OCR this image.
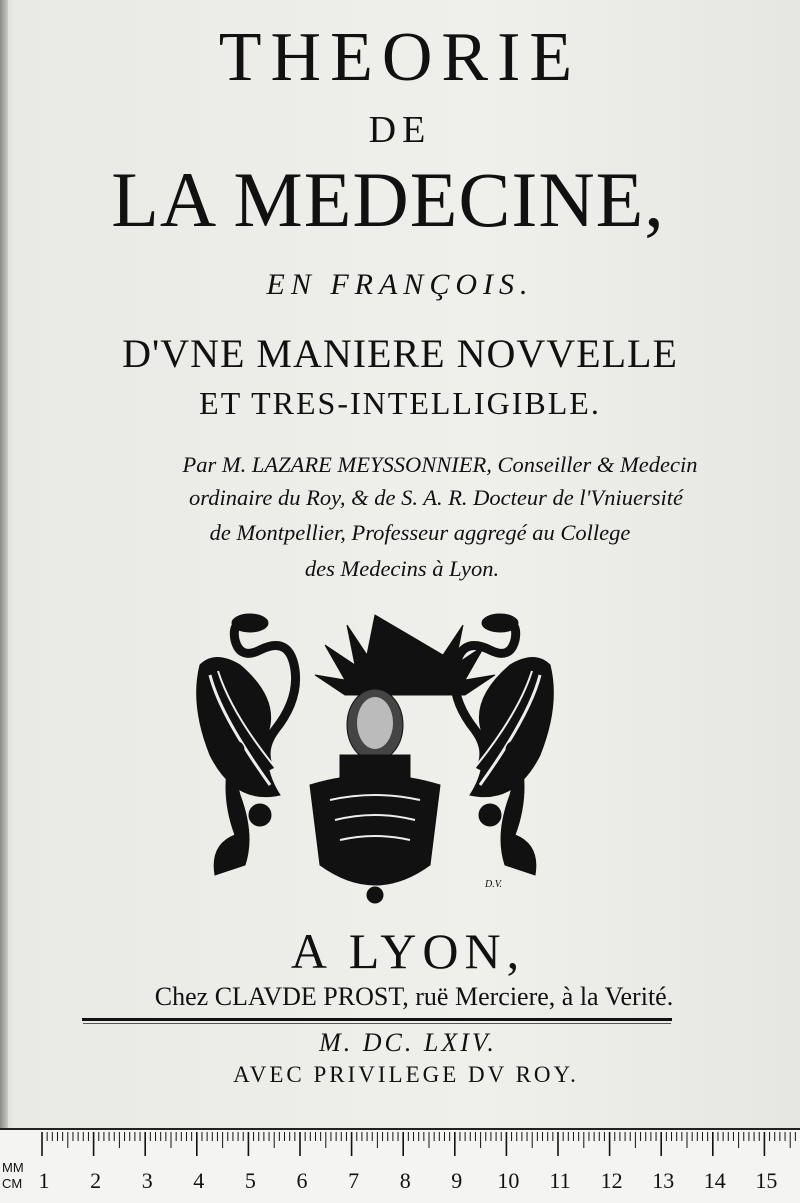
THEORIE
DE
LA MEDECINE,
EN FRANÇOIS.
D'VNE MANIERE NOVVELLE
ET TRES-INTELLIGIBLE.
Par M. LAZARE MEYSSONNIER, Conseiller & Medecin
ordinaire du Roy, & de S. A. R. Docteur de l'Vniuersité
de Montpellier, Professeur aggregé au College
des Medecins à Lyon.
D.V.
A LYON,
Chez CLAVDE PROST, ruë Merciere, à la Verité.
M. DC. LXIV.
AVEC PRIVILEGE DV ROY.
1 2 3 4 5 6 7 8 9 10 11 12 13 14 15
MM
CM
